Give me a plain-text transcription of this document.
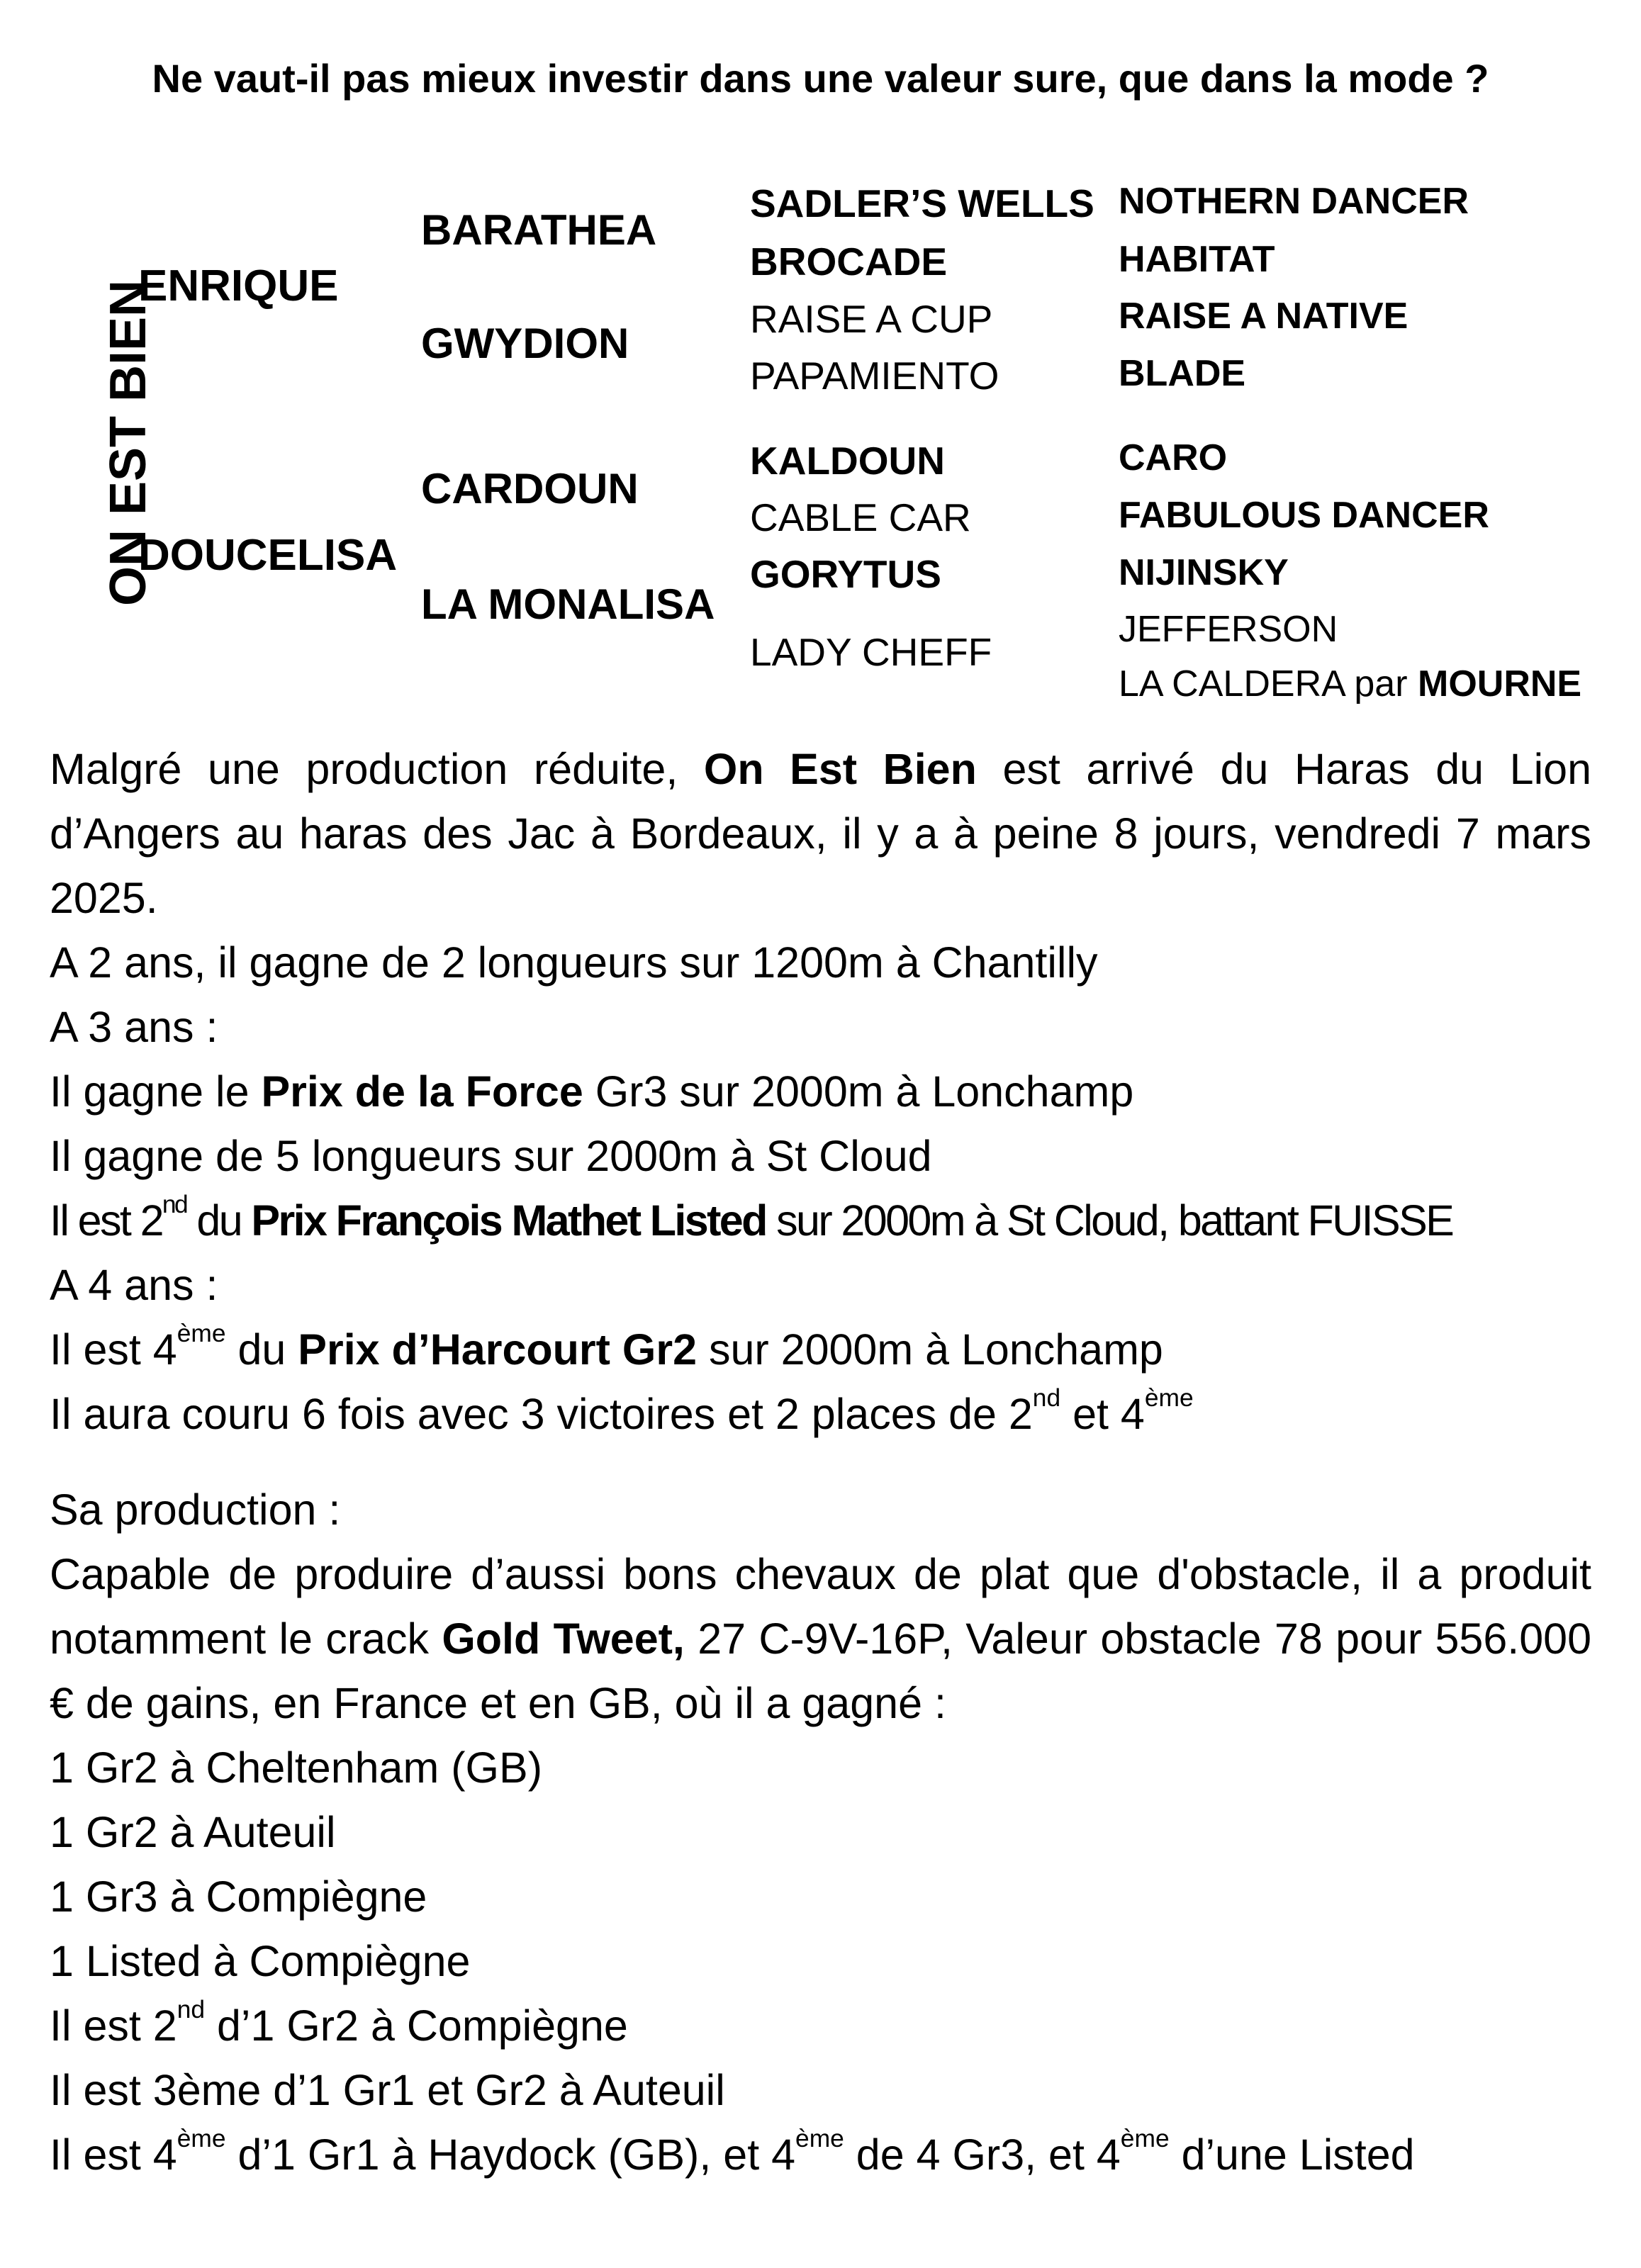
Ne vaut-il pas mieux investir dans une valeur sure, que dans la mode ?
ON EST BIEN
ENRIQUE
DOUCELISA
BARATHEA
GWYDION
CARDOUN
LA MONALISA
SADLER’S WELLS
BROCADE
RAISE A CUP
PAPAMIENTO
KALDOUN
CABLE CAR
GORYTUS
LADY CHEFF
NOTHERN DANCER
HABITAT
RAISE A NATIVE
BLADE
CARO
FABULOUS DANCER
NIJINSKY
JEFFERSON
LA CALDERA par MOURNE
Malgré une production réduite, On Est Bien est arrivé du Haras du Lion d’Angers au haras des Jac à Bordeaux, il y a à peine 8 jours, vendredi 7 mars 2025.
A 2 ans, il gagne de 2 longueurs sur 1200m à Chantilly
A 3 ans :
Il gagne le Prix de la Force Gr3 sur 2000m à Lonchamp
Il gagne de 5 longueurs sur 2000m à St Cloud
Il est 2nd du Prix François Mathet Listed sur 2000m à St Cloud, battant FUISSE
A 4 ans :
Il est 4ème du Prix d’Harcourt Gr2 sur 2000m à Lonchamp
Il aura couru 6 fois avec 3 victoires et 2 places de 2nd et 4ème
Sa production :
Capable de produire d’aussi bons chevaux de plat que d'obstacle, il a produit notamment le crack Gold Tweet, 27 C-9V-16P, Valeur obstacle 78 pour 556.000 € de gains, en France et en GB, où il a gagné :
1 Gr2 à Cheltenham (GB)
1 Gr2 à Auteuil
1 Gr3 à Compiègne
1 Listed à Compiègne
Il est 2nd d’1 Gr2 à Compiègne
Il est 3ème d’1 Gr1 et Gr2 à Auteuil
Il est 4ème d’1 Gr1 à Haydock (GB), et 4ème de 4 Gr3, et 4ème d’une Listed
